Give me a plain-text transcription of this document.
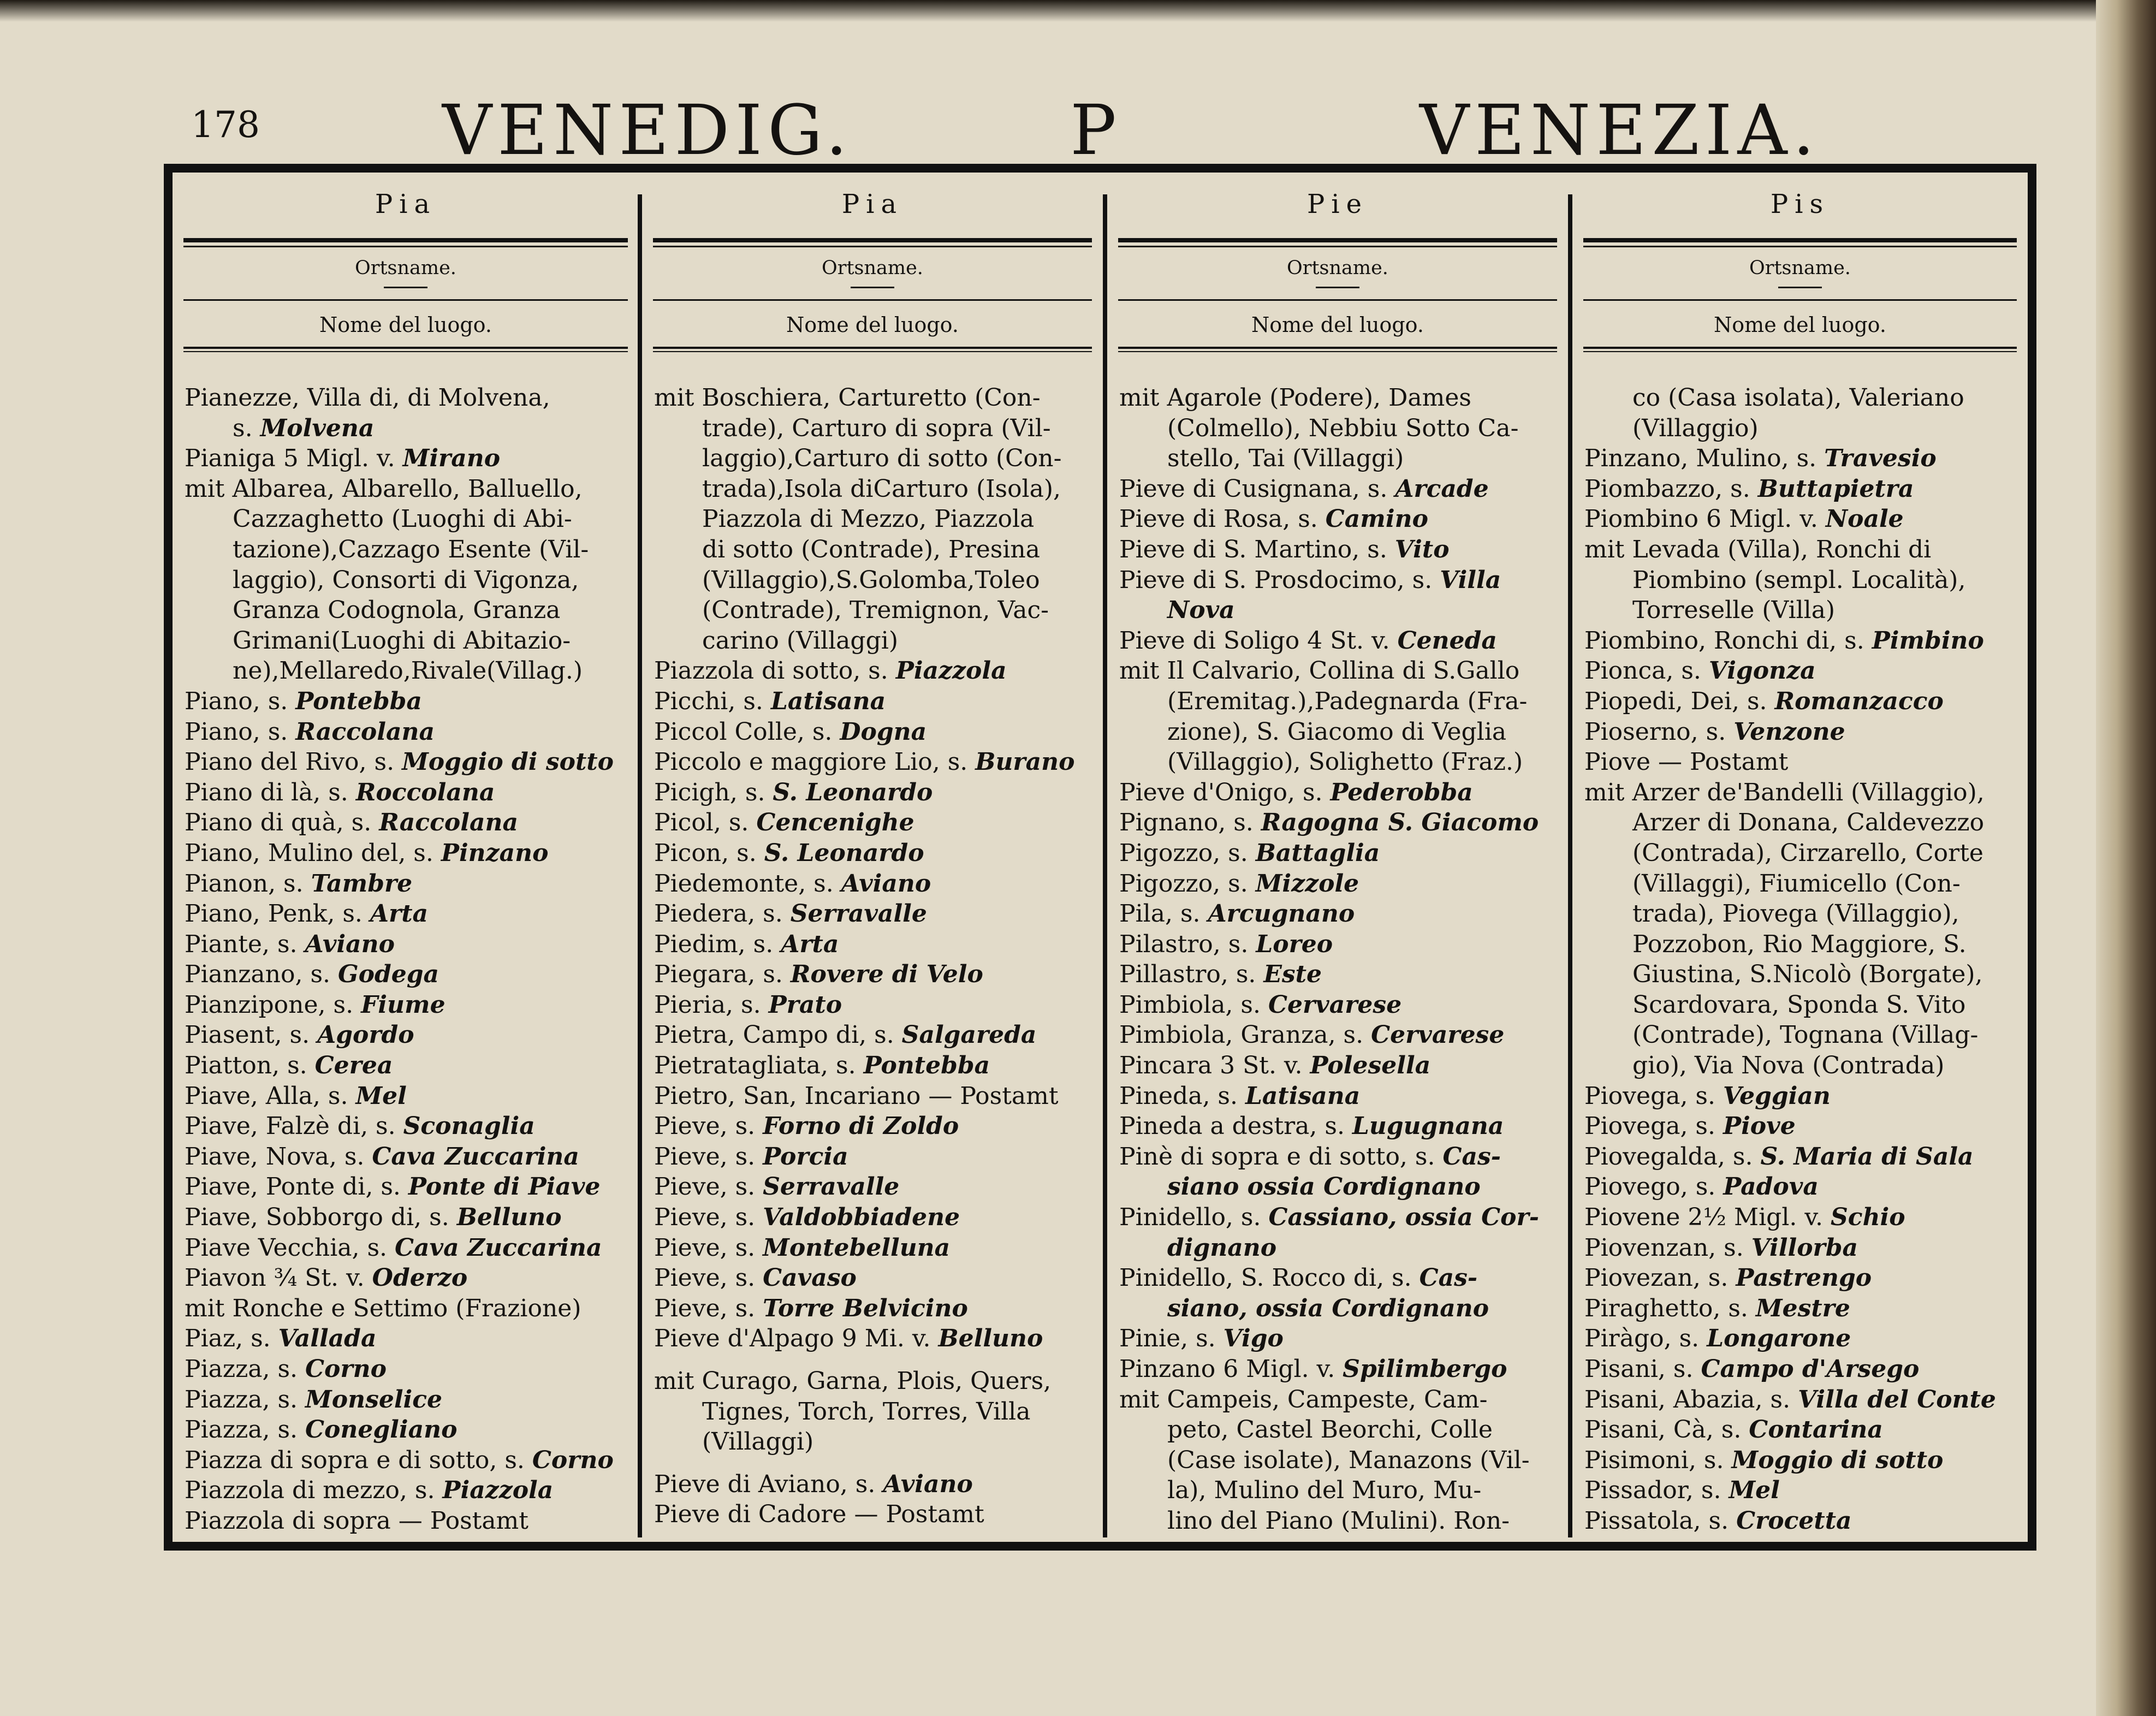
178	VENEDIG.	P	VENEZIA.
Pia
Ortsname.
Nome del luogo.
Pianezze, Villa di, di Molvena,
s. Molvena
Pianiga 5 Migl. v. Mirano
mit Albarea, Albarello, Balluello,
Cazzaghetto (Luoghi di Abi-
tazione),Cazzago Esente (Vil-
laggio), Consorti di Vigonza,
Granza Codognola, Granza
Grimani(Luoghi di Abitazio-
ne),Mellaredo,Rivale(Villag.)
Piano, s. Pontebba
Piano, s. Raccolana
Piano del Rivo, s. Moggio di sotto
Piano di là, s. Roccolana
Piano di quà, s. Raccolana
Piano, Mulino del, s. Pinzano
Pianon, s. Tambre
Piano, Penk, s. Arta
Piante, s. Aviano
Pianzano, s. Godega
Pianzipone, s. Fiume
Piasent, s. Agordo
Piatton, s. Cerea
Piave, Alla, s. Mel
Piave, Falzè di, s. Sconaglia
Piave, Nova, s. Cava Zuccarina
Piave, Ponte di, s. Ponte di Piave
Piave, Sobborgo di, s. Belluno
Piave Vecchia, s. Cava Zuccarina
Piavon ¾ St. v. Oderzo
mit Ronche e Settimo (Frazione)
Piaz, s. Vallada
Piazza, s. Corno
Piazza, s. Monselice
Piazza, s. Conegliano
Piazza di sopra e di sotto, s. Corno
Piazzola di mezzo, s. Piazzola
Piazzola di sopra — Postamt
Pia
Ortsname.
Nome del luogo.
mit Boschiera, Carturetto (Con-
trade), Carturo di sopra (Vil-
laggio),Carturo di sotto (Con-
trada),Isola diCarturo (Isola),
Piazzola di Mezzo, Piazzola
di sotto (Contrade), Presina
(Villaggio),S.Golomba,Toleo
(Contrade), Tremignon, Vac-
carino (Villaggi)
Piazzola di sotto, s. Piazzola
Picchi, s. Latisana
Piccol Colle, s. Dogna
Piccolo e maggiore Lio, s. Burano
Picigh, s. S. Leonardo
Picol, s. Cencenighe
Picon, s. S. Leonardo
Piedemonte, s. Aviano
Piedera, s. Serravalle
Piedim, s. Arta
Piegara, s. Rovere di Velo
Pieria, s. Prato
Pietra, Campo di, s. Salgareda
Pietratagliata, s. Pontebba
Pietro, San, Incariano — Postamt
Pieve, s. Forno di Zoldo
Pieve, s. Porcia
Pieve, s. Serravalle
Pieve, s. Valdobbiadene
Pieve, s. Montebelluna
Pieve, s. Cavaso
Pieve, s. Torre Belvicino
Pieve d'Alpago 9 Mi. v. Belluno
mit Curago, Garna, Plois, Quers,
Tignes, Torch, Torres, Villa
(Villaggi)
Pieve di Aviano, s. Aviano
Pieve di Cadore — Postamt
Pie
Ortsname.
Nome del luogo.
mit Agarole (Podere), Dames
(Colmello), Nebbiu Sotto Ca-
stello, Tai (Villaggi)
Pieve di Cusignana, s. Arcade
Pieve di Rosa, s. Camino
Pieve di S. Martino, s. Vito
Pieve di S. Prosdocimo, s. Villa
Nova
Pieve di Soligo 4 St. v. Ceneda
mit Il Calvario, Collina di S.Gallo
(Eremitag.),Padegnarda (Fra-
zione), S. Giacomo di Veglia
(Villaggio), Solighetto (Fraz.)
Pieve d'Onigo, s. Pederobba
Pignano, s. Ragogna S. Giacomo
Pigozzo, s. Battaglia
Pigozzo, s. Mizzole
Pila, s. Arcugnano
Pilastro, s. Loreo
Pillastro, s. Este
Pimbiola, s. Cervarese
Pimbiola, Granza, s. Cervarese
Pincara 3 St. v. Polesella
Pineda, s. Latisana
Pineda a destra, s. Lugugnana
Pinè di sopra e di sotto, s. Cas-
siano ossia Cordignano
Pinidello, s. Cassiano, ossia Cor-
dignano
Pinidello, S. Rocco di, s. Cas-
siano, ossia Cordignano
Pinie, s. Vigo
Pinzano 6 Migl. v. Spilimbergo
mit Campeis, Campeste, Cam-
peto, Castel Beorchi, Colle
(Case isolate), Manazons (Vil-
la), Mulino del Muro, Mu-
lino del Piano (Mulini). Ron-
Pis
Ortsname.
Nome del luogo.
co (Casa isolata), Valeriano
(Villaggio)
Pinzano, Mulino, s. Travesio
Piombazzo, s. Buttapietra
Piombino 6 Migl. v. Noale
mit Levada (Villa), Ronchi di
Piombino (sempl. Località),
Torreselle (Villa)
Piombino, Ronchi di, s. Pimbino
Pionca, s. Vigonza
Piopedi, Dei, s. Romanzacco
Pioserno, s. Venzone
Piove — Postamt
mit Arzer de'Bandelli (Villaggio),
Arzer di Donana, Caldevezzo
(Contrada), Cirzarello, Corte
(Villaggi), Fiumicello (Con-
trada), Piovega (Villaggio),
Pozzobon, Rio Maggiore, S.
Giustina, S.Nicolò (Borgate),
Scardovara, Sponda S. Vito
(Contrade), Tognana (Villag-
gio), Via Nova (Contrada)
Piovega, s. Veggian
Piovega, s. Piove
Piovegalda, s. S. Maria di Sala
Piovego, s. Padova
Piovene 2½ Migl. v. Schio
Piovenzan, s. Villorba
Piovezan, s. Pastrengo
Piraghetto, s. Mestre
Piràgo, s. Longarone
Pisani, s. Campo d'Arsego
Pisani, Abazia, s. Villa del Conte
Pisani, Cà, s. Contarina
Pisimoni, s. Moggio di sotto
Pissador, s. Mel
Pissatola, s. Crocetta
